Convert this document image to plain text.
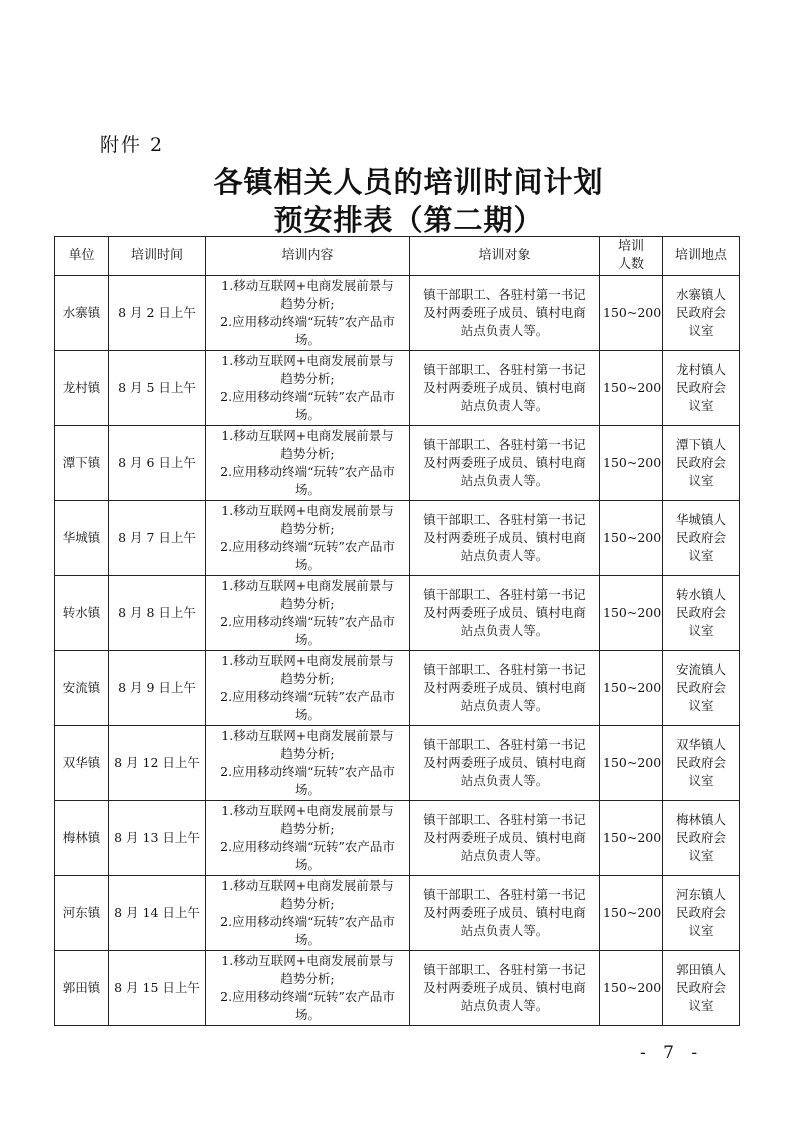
附件 2
各镇相关人员的培训时间计划
预安排表（第二期）
单位	培训时间	培训内容	培训对象	培训
人数	培训地点
水寨镇	8 月 2 日上午	1.移动互联网+电商发展前景与
趋势分析;
2.应用移动终端“玩转”农产品市场。	镇干部职工、各驻村第一书记
及村两委班子成员、镇村电商
站点负责人等。	150~200	水寨镇人
民政府会
议室

龙村镇	8 月 5 日上午	1.移动互联网+电商发展前景与
趋势分析;
2.应用移动终端“玩转”农产品市
场。	镇干部职工、各驻村第一书记
及村两委班子成员、镇村电商
站点负责人等。	150~200	龙村镇人
民政府会
议室

潭下镇	8 月 6 日上午	1.移动互联网+电商发展前景与
趋势分析;
2.应用移动终端“玩转”农产品市
场。	镇干部职工、各驻村第一书记
及村两委班子成员、镇村电商
站点负责人等。	150~200	潭下镇人
民政府会
议室

华城镇	8 月 7 日上午	1.移动互联网+电商发展前景与
趋势分析;
2.应用移动终端“玩转”农产品市
场。	镇干部职工、各驻村第一书记
及村两委班子成员、镇村电商
站点负责人等。	150~200	华城镇人
民政府会
议室

转水镇	8 月 8 日上午	1.移动互联网+电商发展前景与
趋势分析;
2.应用移动终端“玩转”农产品市
场。	镇干部职工、各驻村第一书记
及村两委班子成员、镇村电商
站点负责人等。	150~200	转水镇人
民政府会
议室

安流镇	8 月 9 日上午	1.移动互联网+电商发展前景与
趋势分析;
2.应用移动终端“玩转”农产品市
场。	镇干部职工、各驻村第一书记
及村两委班子成员、镇村电商
站点负责人等。	150~200	安流镇人
民政府会
议室

双华镇	8 月 12 日上午	1.移动互联网+电商发展前景与
趋势分析;
2.应用移动终端“玩转”农产品市
场。	镇干部职工、各驻村第一书记
及村两委班子成员、镇村电商
站点负责人等。	150~200	双华镇人
民政府会
议室

梅林镇	8 月 13 日上午	1.移动互联网+电商发展前景与
趋势分析;
2.应用移动终端“玩转”农产品市
场。	镇干部职工、各驻村第一书记
及村两委班子成员、镇村电商
站点负责人等。	150~200	梅林镇人
民政府会
议室

河东镇	8 月 14 日上午	1.移动互联网+电商发展前景与
趋势分析;
2.应用移动终端“玩转”农产品市
场。	镇干部职工、各驻村第一书记
及村两委班子成员、镇村电商
站点负责人等。	150~200	河东镇人
民政府会
议室

郭田镇	8 月 15 日上午	1.移动互联网+电商发展前景与
趋势分析;
2.应用移动终端“玩转”农产品市
场。	镇干部职工、各驻村第一书记
及村两委班子成员、镇村电商
站点负责人等。	150~200	郭田镇人
民政府会
议室
- 7 -
